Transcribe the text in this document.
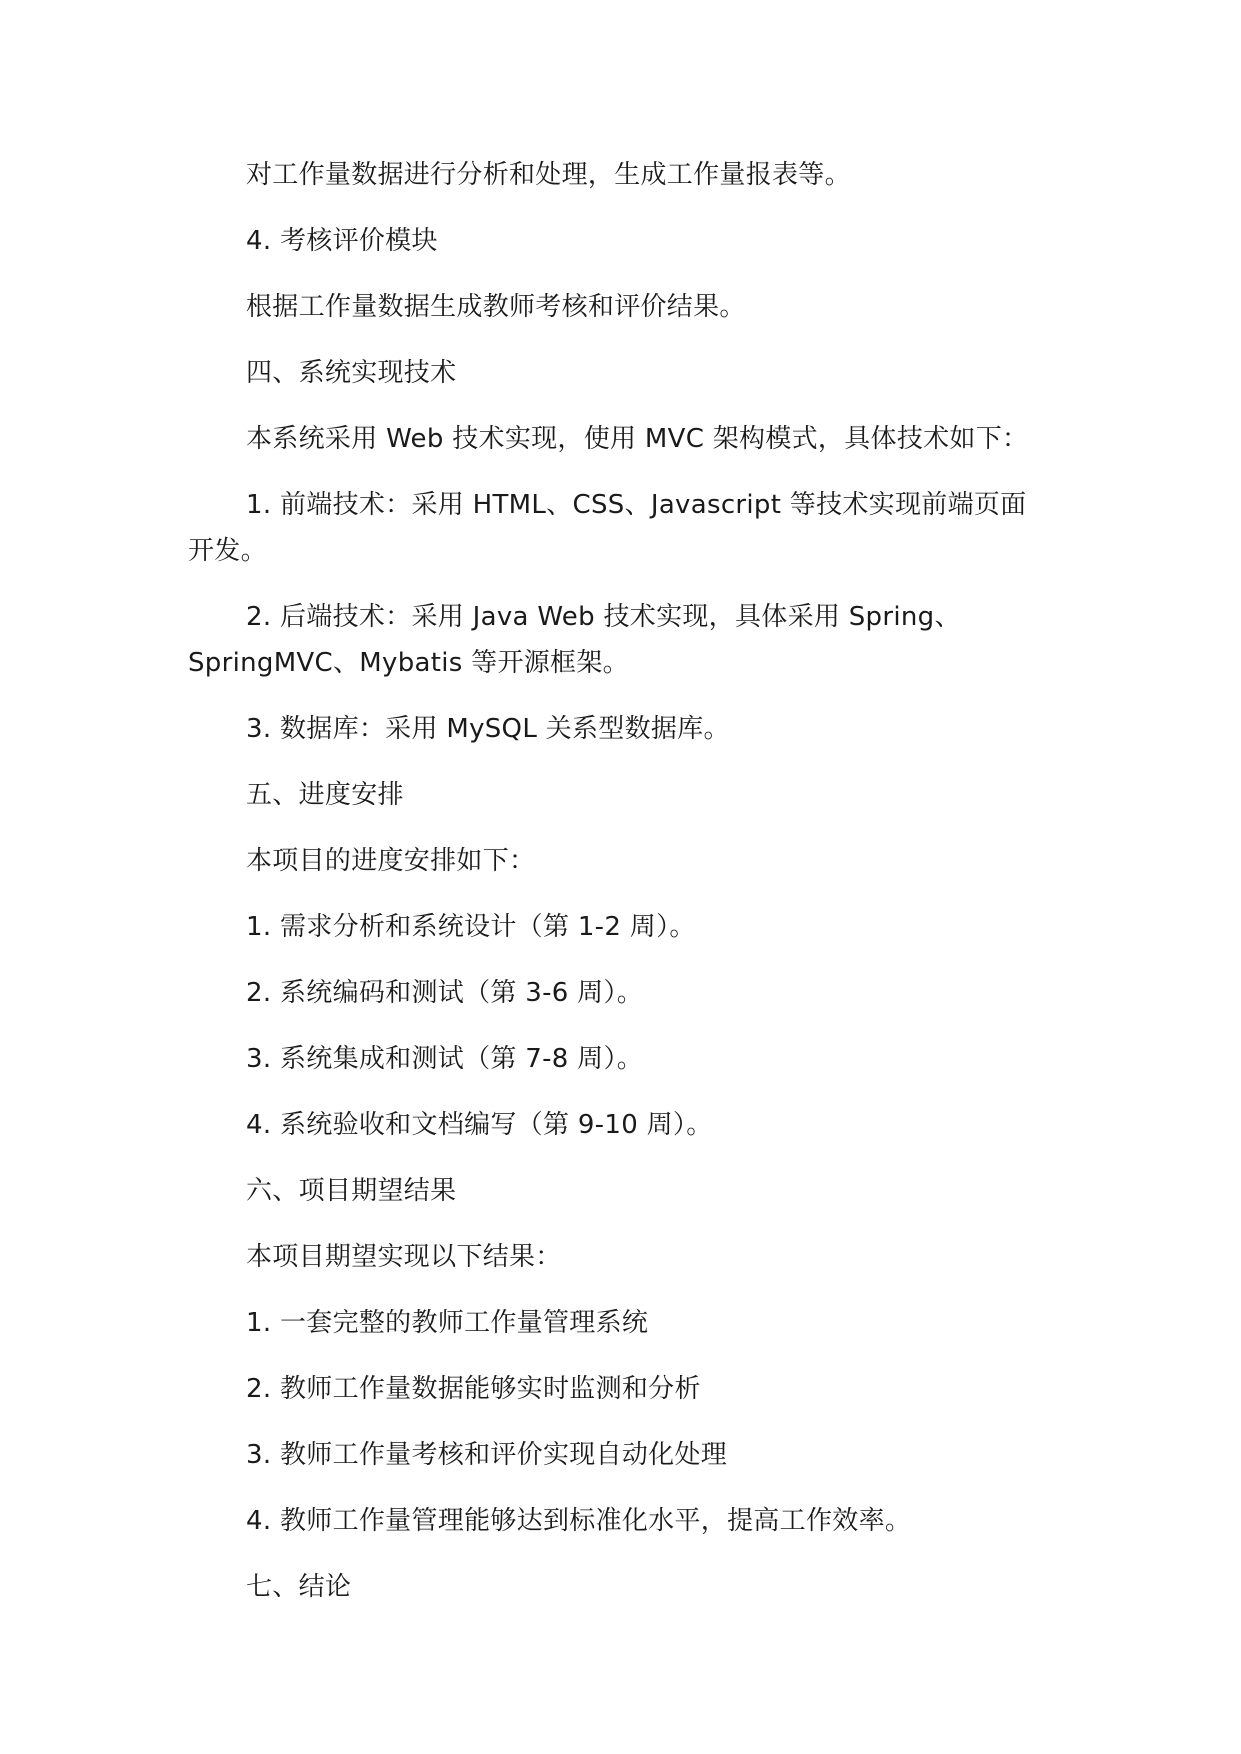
对工作量数据进行分析和处理，生成工作量报表等。

4. 考核评价模块

根据工作量数据生成教师考核和评价结果。

四、系统实现技术

本系统采用 Web 技术实现，使用 MVC 架构模式，具体技术如下：

1. 前端技术：采用 HTML、CSS、Javascript 等技术实现前端页面开发。

2. 后端技术：采用 Java Web 技术实现，具体采用 Spring、SpringMVC、Mybatis 等开源框架。

3. 数据库：采用 MySQL 关系型数据库。

五、进度安排

本项目的进度安排如下：

1. 需求分析和系统设计（第 1-2 周）。

2. 系统编码和测试（第 3-6 周）。

3. 系统集成和测试（第 7-8 周）。

4. 系统验收和文档编写（第 9-10 周）。

六、项目期望结果

本项目期望实现以下结果：

1. 一套完整的教师工作量管理系统

2. 教师工作量数据能够实时监测和分析

3. 教师工作量考核和评价实现自动化处理

4. 教师工作量管理能够达到标准化水平，提高工作效率。

七、结论
